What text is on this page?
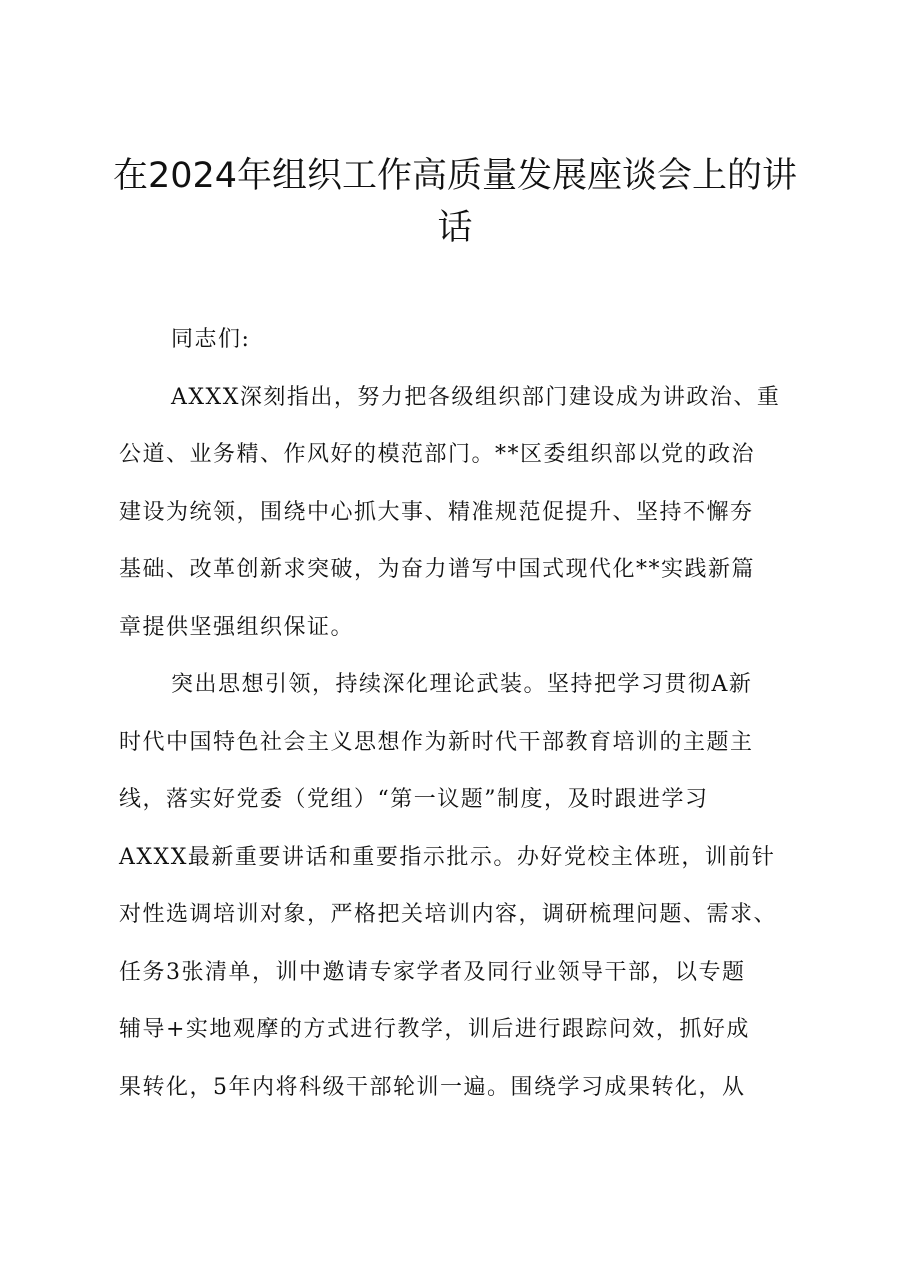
在2024年组织工作高质量发展座谈会上的讲
话

同志们:

AXXX深刻指出，努力把各级组织部门建设成为讲政治、重
公道、业务精、作风好的模范部门。**区委组织部以党的政治
建设为统领，围绕中心抓大事、精准规范促提升、坚持不懈夯
基础、改革创新求突破，为奋力谱写中国式现代化**实践新篇
章提供坚强组织保证。

突出思想引领，持续深化理论武装。坚持把学习贯彻A新
时代中国特色社会主义思想作为新时代干部教育培训的主题主
线，落实好党委（党组）“第一议题”制度，及时跟进学习
AXXX最新重要讲话和重要指示批示。办好党校主体班，训前针
对性选调培训对象，严格把关培训内容，调研梳理问题、需求、
任务3张清单，训中邀请专家学者及同行业领导干部，以专题
辅导+实地观摩的方式进行教学，训后进行跟踪问效，抓好成
果转化，5年内将科级干部轮训一遍。围绕学习成果转化，从
